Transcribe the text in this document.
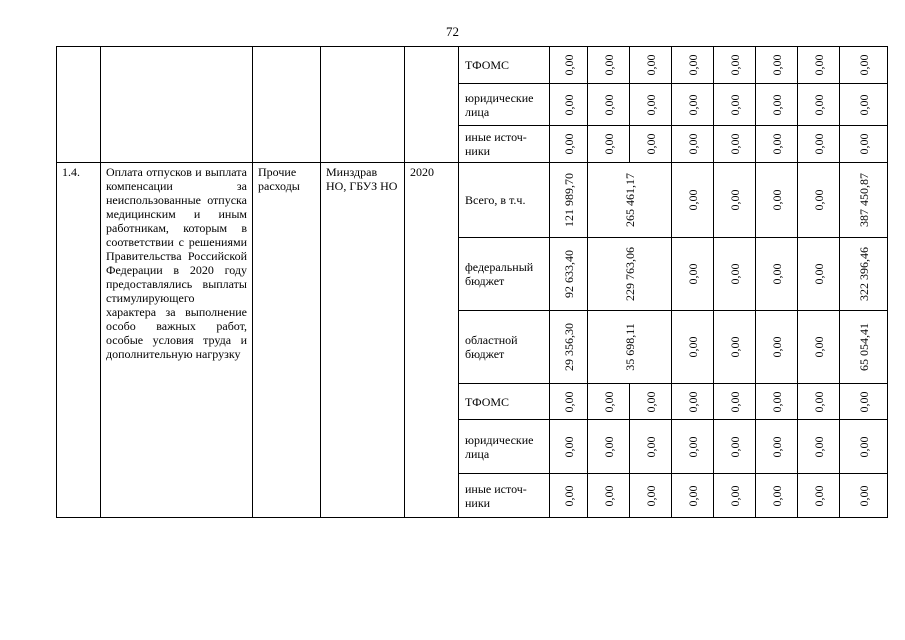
72
					ТФОМС	0,00	0,00	0,00	0,00	0,00	0,00	0,00	0,00

					юридические лица	0,00	0,00	0,00	0,00	0,00	0,00	0,00	0,00

					иные источ-ники	0,00	0,00	0,00	0,00	0,00	0,00	0,00	0,00

1.4.	Оплата отпусков и выплата компенсации за неиспользованные отпуска медицинским и иным работникам, которым в соответствии с решениями Правительства Российской Федерации в 2020 году предоставлялись выплаты стимулирующего характера за выполнение особо важных работ, особые условия труда и дополнительную нагрузку	Прочие расходы	Минздрав НО, ГБУЗ НО	2020	Всего, в т.ч.	121 989,70	265 461,17		0,00	0,00	0,00	0,00	387 450,87

					федеральный бюджет	92 633,40	229 763,06		0,00	0,00	0,00	0,00	322 396,46

					областной бюджет	29 356,30	35 698,11		0,00	0,00	0,00	0,00	65 054,41

					ТФОМС	0,00	0,00	0,00	0,00	0,00	0,00	0,00	0,00

					юридические лица	0,00	0,00	0,00	0,00	0,00	0,00	0,00	0,00

					иные источ-ники	0,00	0,00	0,00	0,00	0,00	0,00	0,00	0,00
